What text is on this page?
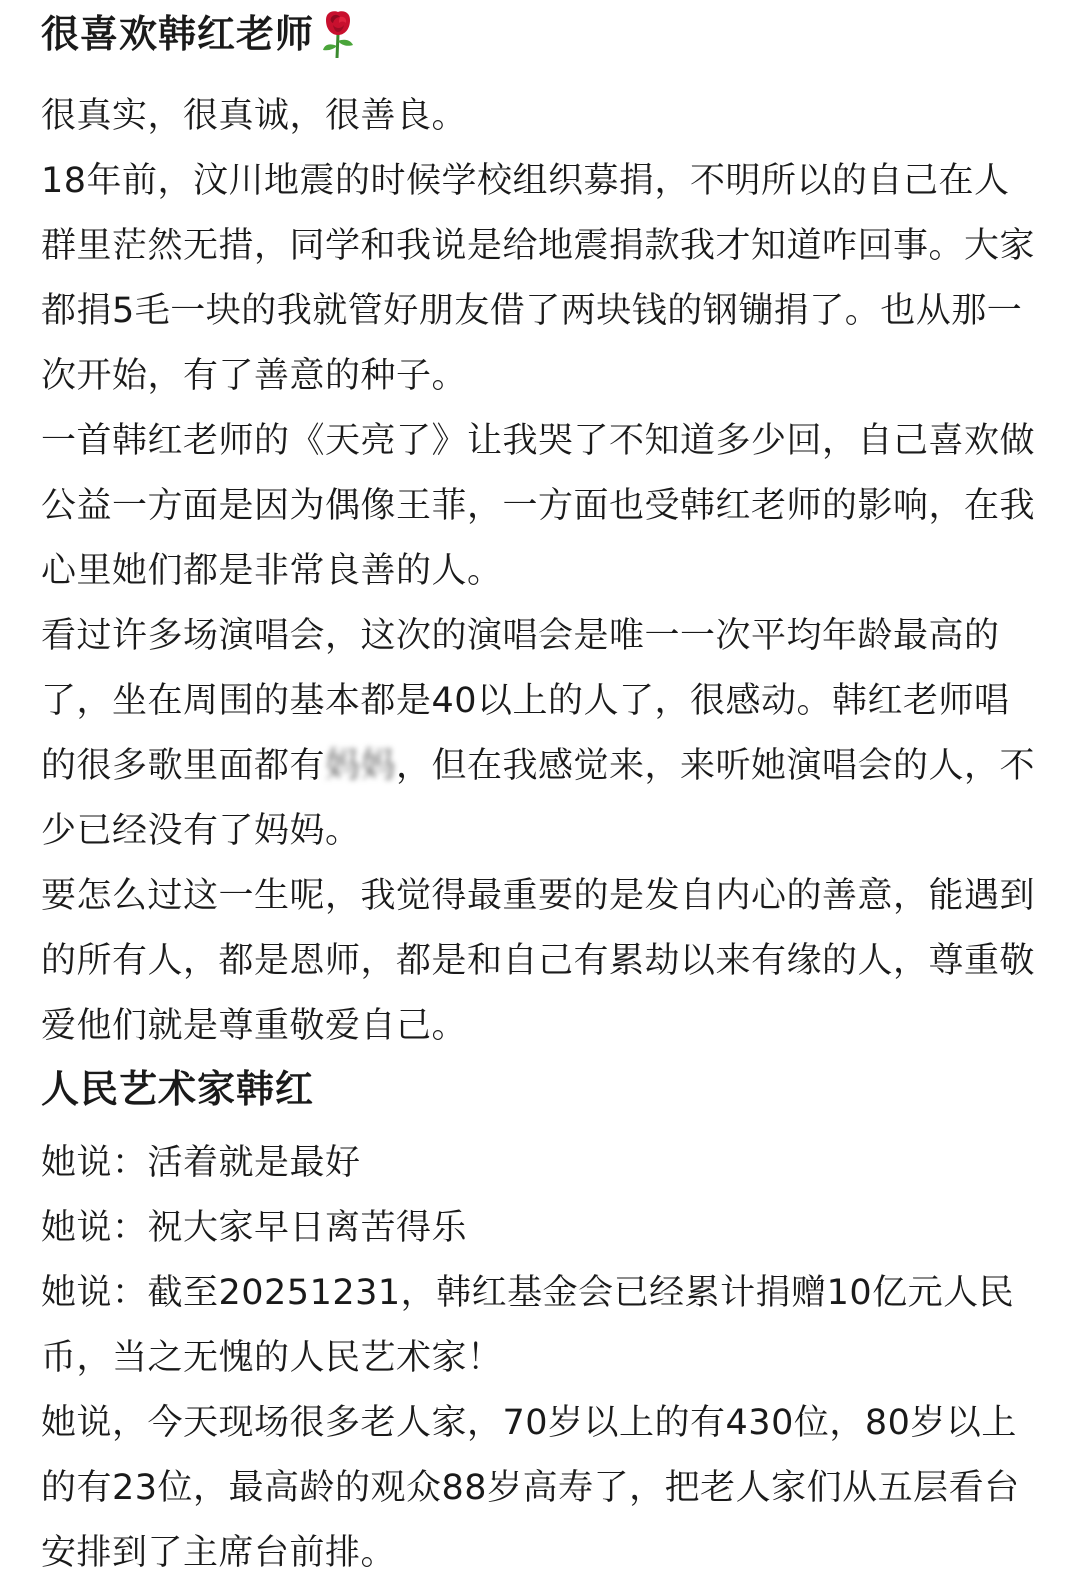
很喜欢韩红老师

很真实，很真诚，很善良。

18年前，汶川地震的时候学校组织募捐，不明所以的自己在人群里茫然无措，同学和我说是给地震捐款我才知道咋回事。大家都捐5毛一块的我就管好朋友借了两块钱的钢镚捐了。也从那一次开始，有了善意的种子。

一首韩红老师的《天亮了》让我哭了不知道多少回，自己喜欢做公益一方面是因为偶像王菲，一方面也受韩红老师的影响，在我心里她们都是非常良善的人。

看过许多场演唱会，这次的演唱会是唯一一次平均年龄最高的了，坐在周围的基本都是40以上的人了，很感动。韩红老师唱的很多歌里面都有妈妈，但在我感觉来，来听她演唱会的人，不少已经没有了妈妈。

要怎么过这一生呢，我觉得最重要的是发自内心的善意，能遇到的所有人，都是恩师，都是和自己有累劫以来有缘的人，尊重敬爱他们就是尊重敬爱自己。

人民艺术家韩红

她说：活着就是最好

她说：祝大家早日离苦得乐

她说：截至20251231，韩红基金会已经累计捐赠10亿元人民币，当之无愧的人民艺术家！

她说，今天现场很多老人家，70岁以上的有430位，80岁以上的有23位，最高龄的观众88岁高寿了，把老人家们从五层看台安排到了主席台前排。
